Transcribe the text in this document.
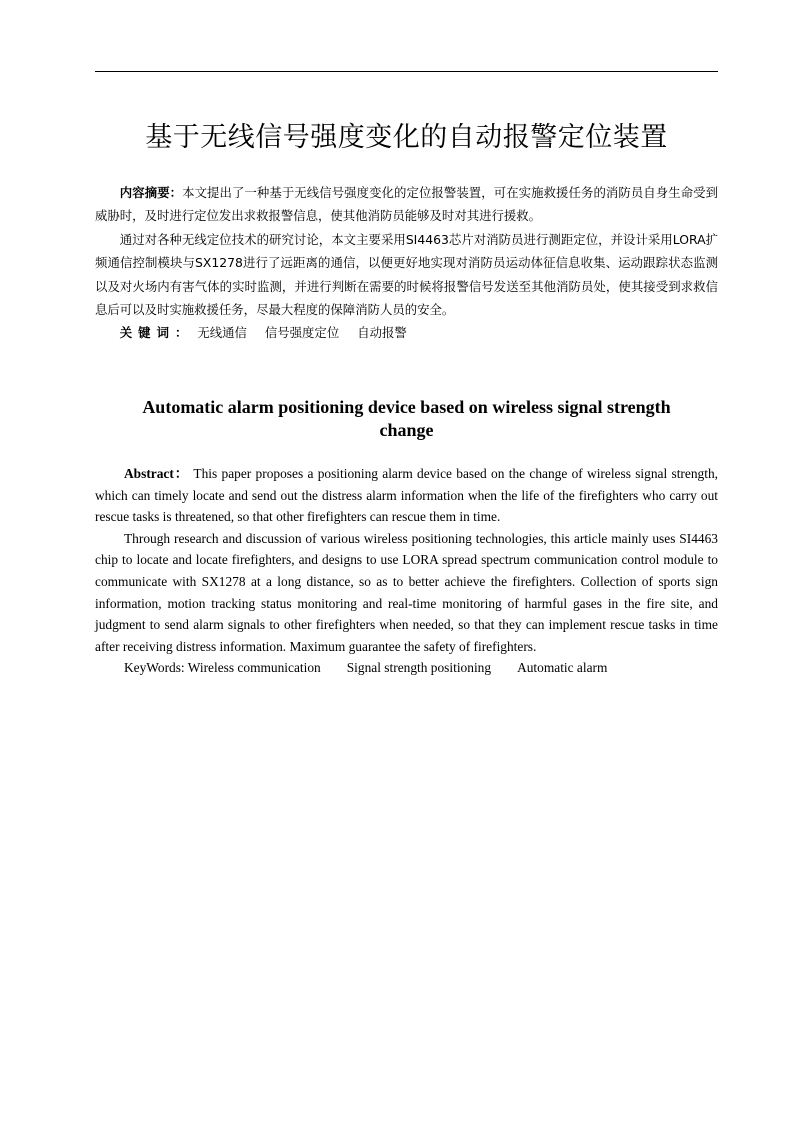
基于无线信号强度变化的自动报警定位装置

内容摘要：本文提出了一种基于无线信号强度变化的定位报警装置，可在实施救援任务的消防员自身生命受到威胁时，及时进行定位发出求救报警信息，使其他消防员能够及时对其进行援救。

通过对各种无线定位技术的研究讨论，本文主要采用SI4463芯片对消防员进行测距定位，并设计采用LORA扩频通信控制模块与SX1278进行了远距离的通信，以便更好地实现对消防员运动体征信息收集、运动跟踪状态监测以及对火场内有害气体的实时监测，并进行判断在需要的时候将报警信号发送至其他消防员处，使其接受到求救信息后可以及时实施救援任务，尽最大程度的保障消防人员的安全。

关键词： 无线通信 信号强度定位 自动报警

Automatic alarm positioning device based on wireless signal strength change

Abstract： This paper proposes a positioning alarm device based on the change of wireless signal strength, which can timely locate and send out the distress alarm information when the life of the firefighters who carry out rescue tasks is threatened, so that other firefighters can rescue them in time.

Through research and discussion of various wireless positioning technologies, this article mainly uses SI4463 chip to locate and locate firefighters, and designs to use LORA spread spectrum communication control module to communicate with SX1278 at a long distance, so as to better achieve the firefighters. Collection of sports sign information, motion tracking status monitoring and real-time monitoring of harmful gases in the fire site, and judgment to send alarm signals to other firefighters when needed, so that they can implement rescue tasks in time after receiving distress information. Maximum guarantee the safety of firefighters.

KeyWords: Wireless communication Signal strength positioning Automatic alarm
